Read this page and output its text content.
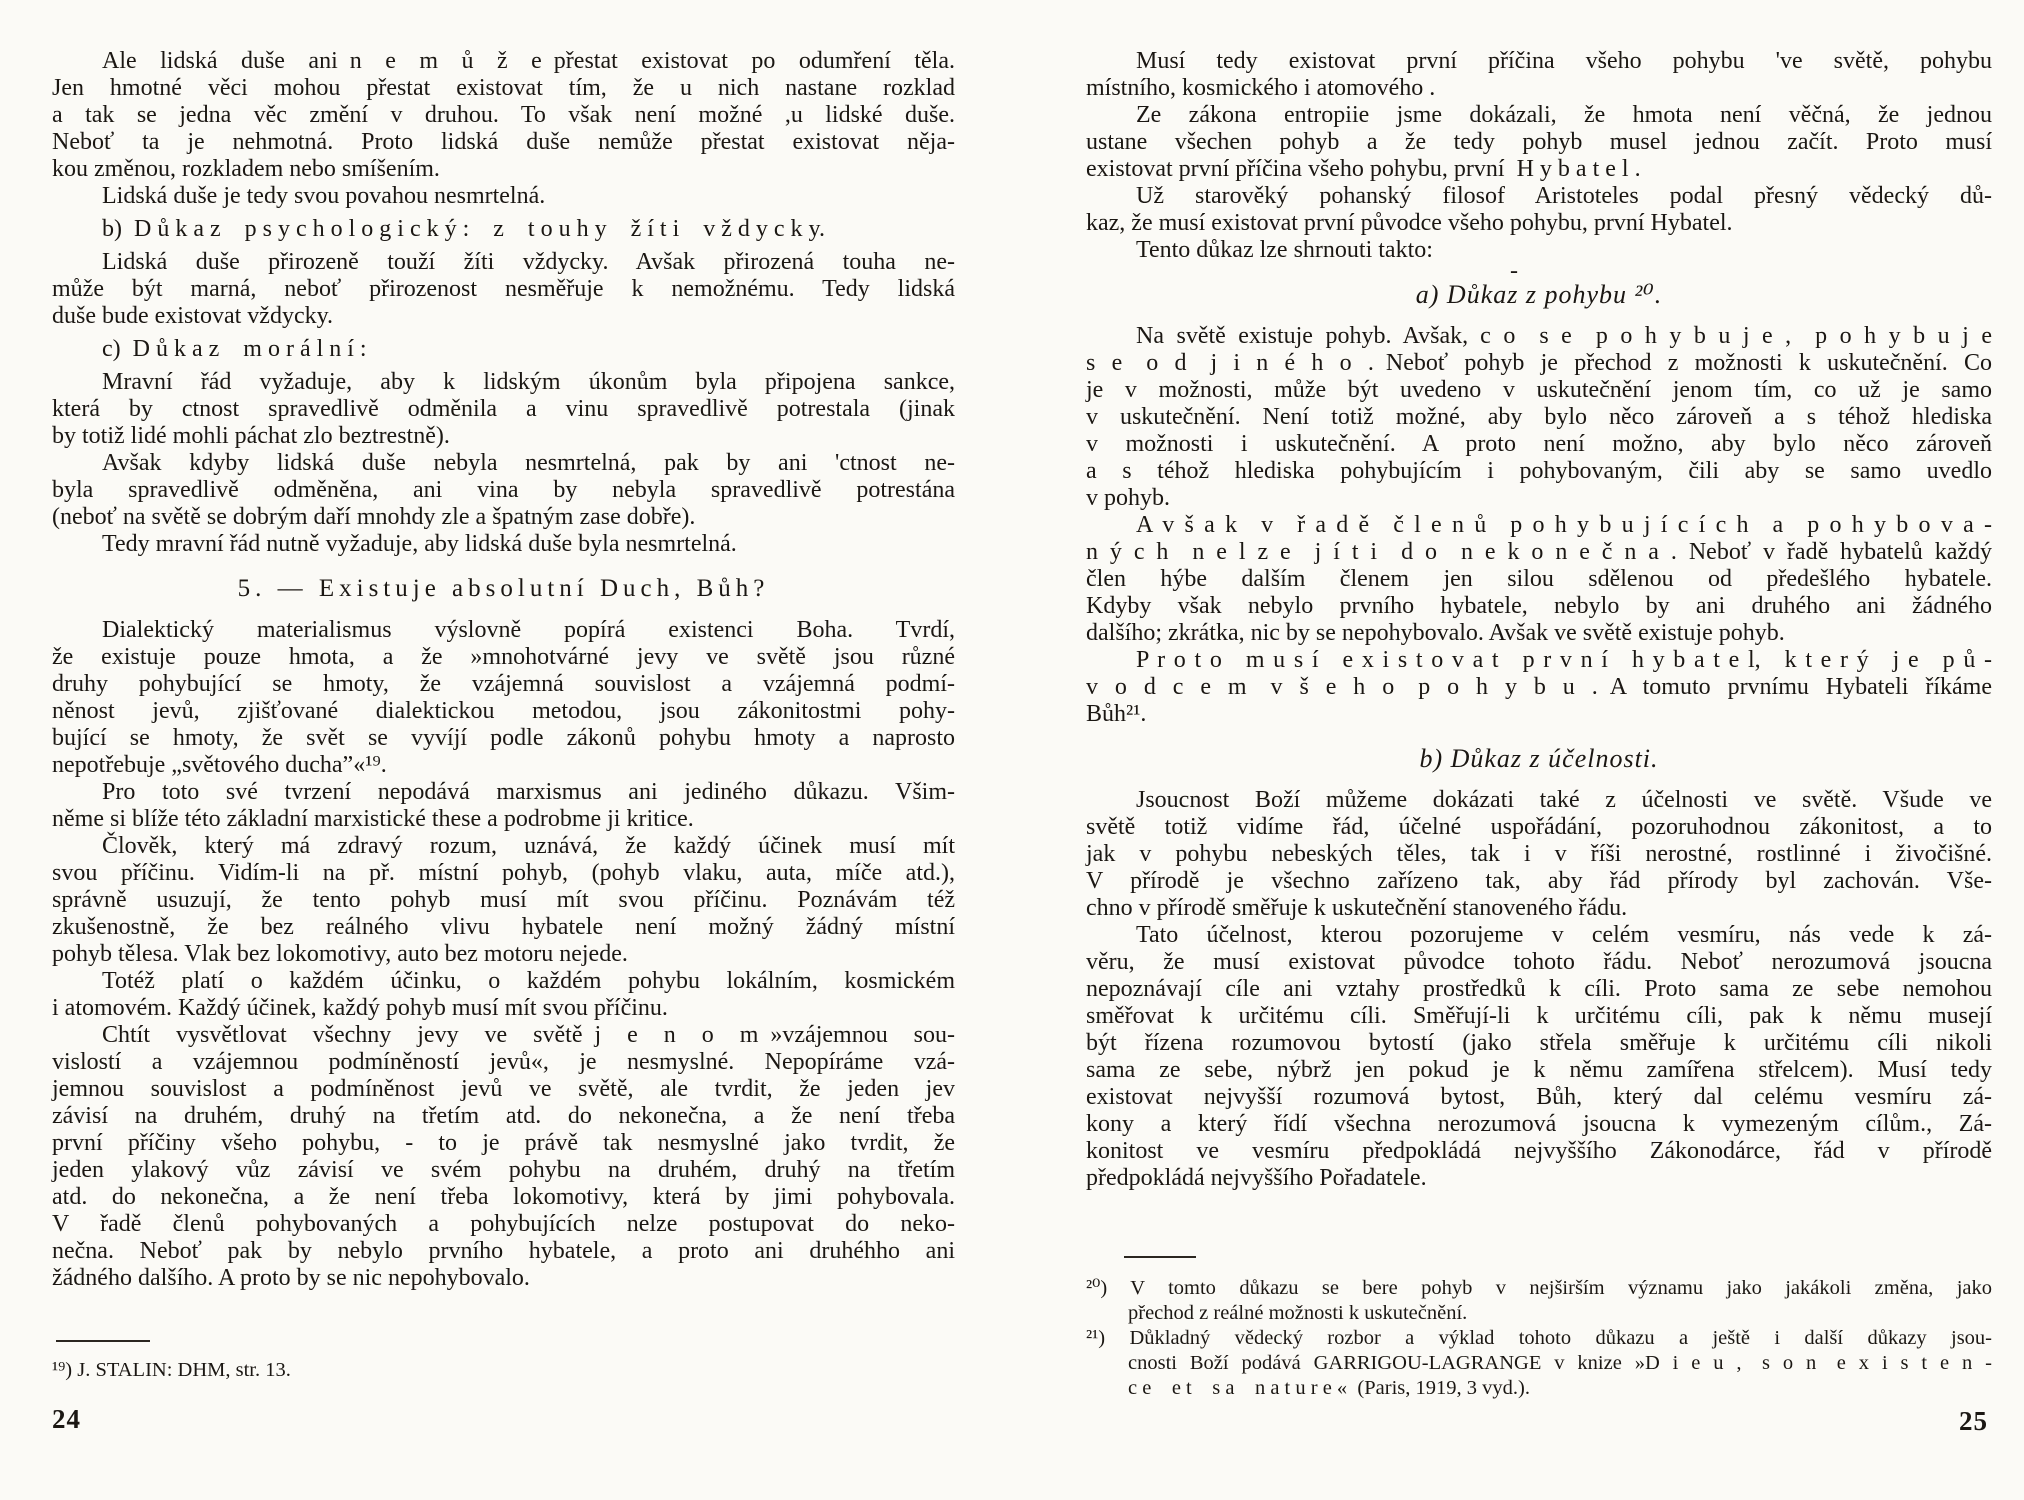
Ale lidská duše ani n e m ů ž e přestat existovat po odumření těla.
Jen hmotné věci mohou přestat existovat tím, že u nich nastane rozklad
a tak se jedna věc změní v druhou. To však není možné ,u lidské duše.
Neboť ta je nehmotná. Proto lidská duše nemůže přestat existovat něja-
kou změnou, rozkladem nebo smíšením.
Lidská duše je tedy svou povahou nesmrtelná.
b) D ů k a z p s y c h o l o g i c k ý : z t o u h y ž í t i v ž d y c k y.
Lidská duše přirozeně touží žíti vždycky. Avšak přirozená touha ne-
může být marná, neboť přirozenost nesměřuje k nemožnému. Tedy lidská
duše bude existovat vždycky.
c) D ů k a z m o r á l n í :
Mravní řád vyžaduje, aby k lidským úkonům byla připojena sankce,
která by ctnost spravedlivě odměnila a vinu spravedlivě potrestala (jinak
by totiž lidé mohli páchat zlo beztrestně).
Avšak kdyby lidská duše nebyla nesmrtelná, pak by ani 'ctnost ne-
byla spravedlivě odměněna, ani vina by nebyla spravedlivě potrestána
(neboť na světě se dobrým daří mnohdy zle a špatným zase dobře).
Tedy mravní řád nutně vyžaduje, aby lidská duše byla nesmrtelná.
5. — Existuje absolutní Duch, Bůh?
Dialektický materialismus výslovně popírá existenci Boha. Tvrdí,
že existuje pouze hmota, a že »mnohotvárné jevy ve světě jsou různé
druhy pohybující se hmoty, že vzájemná souvislost a vzájemná podmí-
něnost jevů, zjišťované dialektickou metodou, jsou zákonitostmi pohy-
bující se hmoty, že svět se vyvíjí podle zákonů pohybu hmoty a naprosto
nepotřebuje „světového ducha”«¹⁹.
Pro toto své tvrzení nepodává marxismus ani jediného důkazu. Všim-
něme si blíže této základní marxistické these a podrobme ji kritice.
Člověk, který má zdravý rozum, uznává, že každý účinek musí mít
svou příčinu. Vidím-li na př. místní pohyb, (pohyb vlaku, auta, míče atd.),
správně usuzují, že tento pohyb musí mít svou příčinu. Poznávám též
zkušenostně, že bez reálného vlivu hybatele není možný žádný místní
pohyb tělesa. Vlak bez lokomotivy, auto bez motoru nejede.
Totéž platí o každém účinku, o každém pohybu lokálním, kosmickém
i atomovém. Každý účinek, každý pohyb musí mít svou příčinu.
Chtít vysvětlovat všechny jevy ve světě j e n o m »vzájemnou sou-
vislostí a vzájemnou podmíněností jevů«, je nesmyslné. Nepopíráme vzá-
jemnou souvislost a podmíněnost jevů ve světě, ale tvrdit, že jeden jev
závisí na druhém, druhý na třetím atd. do nekonečna, a že není třeba
první příčiny všeho pohybu, - to je právě tak nesmyslné jako tvrdit, že
jeden ylakový vůz závisí ve svém pohybu na druhém, druhý na třetím
atd. do nekonečna, a že není třeba lokomotivy, která by jimi pohybovala.
V řadě členů pohybovaných a pohybujících nelze postupovat do neko-
nečna. Neboť pak by nebylo prvního hybatele, a proto ani druhéhho ani
žádného dalšího. A proto by se nic nepohybovalo.
¹⁹) J. STALIN: DHM, str. 13.
24
Musí tedy existovat první příčina všeho pohybu 've světě, pohybu
místního, kosmického i atomového .
Ze zákona entropiie jsme dokázali, že hmota není věčná, že jednou
ustane všechen pohyb a že tedy pohyb musel jednou začít. Proto musí
existovat první příčina všeho pohybu, první H y b a t e l .
Už starověký pohanský filosof Aristoteles podal přesný vědecký dů-
kaz, že musí existovat první původce všeho pohybu, první Hybatel.
Tento důkaz lze shrnouti takto:
a) Důkaz z pohybu ²⁰.
Na světě existuje pohyb. Avšak, c o s e p o h y b u j e , p o h y b u j e
s e o d j i n é h o . Neboť pohyb je přechod z možnosti k uskutečnění. Co
je v možnosti, může být uvedeno v uskutečnění jenom tím, co už je samo
v uskutečnění. Není totiž možné, aby bylo něco zároveň a s téhož hlediska
v možnosti i uskutečnění. A proto není možno, aby bylo něco zároveň
a s téhož hlediska pohybujícím i pohybovaným, čili aby se samo uvedlo
v pohyb.
A v š a k v ř a d ě č l e n ů p o h y b u j í c í c h a p o h y b o v a -
n ý c h n e l z e j í t i d o n e k o n e č n a . Neboť v řadě hybatelů každý
člen hýbe dalším členem jen silou sdělenou od předešlého hybatele.
Kdyby však nebylo prvního hybatele, nebylo by ani druhého ani žádného
dalšího; zkrátka, nic by se nepohybovalo. Avšak ve světě existuje pohyb.
P r o t o m u s í e x i s t o v a t p r v n í h y b a t e l, k t e r ý j e p ů -
v o d c e m v š e h o p o h y b u . A tomuto prvnímu Hybateli říkáme
Bůh²¹.
b) Důkaz z účelnosti.
Jsoucnost Boží můžeme dokázati také z účelnosti ve světě. Všude ve
světě totiž vidíme řád, účelné uspořádání, pozoruhodnou zákonitost, a to
jak v pohybu nebeských těles, tak i v říši nerostné, rostlinné i živočišné.
V přírodě je všechno zařízeno tak, aby řád přírody byl zachován. Vše-
chno v přírodě směřuje k uskutečnění stanoveného řádu.
Tato účelnost, kterou pozorujeme v celém vesmíru, nás vede k zá-
věru, že musí existovat původce tohoto řádu. Neboť nerozumová jsoucna
nepoznávají cíle ani vztahy prostředků k cíli. Proto sama ze sebe nemohou
směřovat k určitému cíli. Směřují-li k určitému cíli, pak k němu musejí
být řízena rozumovou bytostí (jako střela směřuje k určitému cíli nikoli
sama ze sebe, nýbrž jen pokud je k němu zamířena střelcem). Musí tedy
existovat nejvyšší rozumová bytost, Bůh, který dal celému vesmíru zá-
kony a který řídí všechna nerozumová jsoucna k vymezeným cílům., Zá-
konitost ve vesmíru předpokládá nejvyššího Zákonodárce, řád v přírodě
předpokládá nejvyššího Pořadatele.
-
²⁰) V tomto důkazu se bere pohyb v nejširším významu jako jakákoli změna, jako
přechod z reálné možnosti k uskutečnění.
²¹) Důkladný vědecký rozbor a výklad tohoto důkazu a ještě i další důkazy jsou-
cnosti Boží podává GARRIGOU-LAGRANGE v knize »D i e u , s o n e x i s t e n -
c e e t s a n a t u r e « (Paris, 1919, 3 vyd.).
25
